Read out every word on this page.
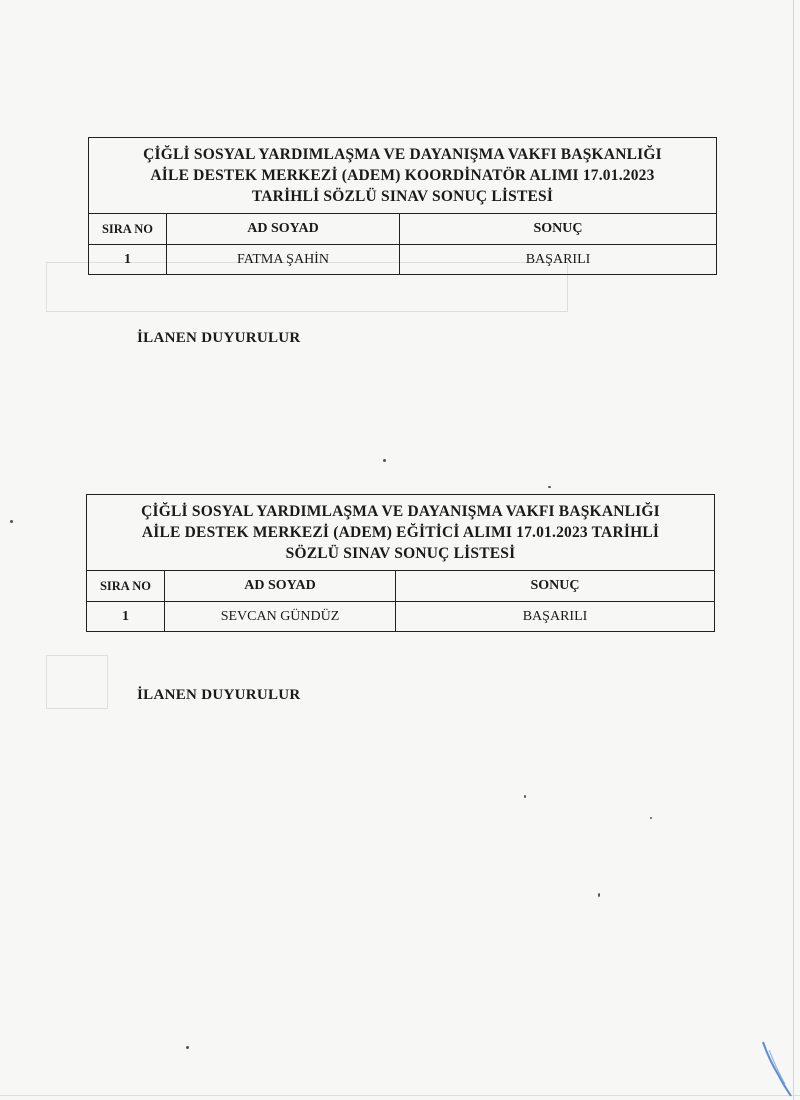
ÇİĞLİ SOSYAL YARDIMLAŞMA VE DAYANIŞMA VAKFI BAŞKANLIĞI
AİLE DESTEK MERKEZİ (ADEM) KOORDİNATÖR ALIMI 17.01.2023
TARİHLİ SÖZLÜ SINAV SONUÇ LİSTESİ		

SIRA NO	AD SOYAD	SONUÇ
1	FATMA ŞAHİN	BAŞARILI
İLANEN DUYURULUR
ÇİĞLİ SOSYAL YARDIMLAŞMA VE DAYANIŞMA VAKFI BAŞKANLIĞI
AİLE DESTEK MERKEZİ (ADEM) EĞİTİCİ ALIMI 17.01.2023 TARİHLİ
SÖZLÜ SINAV SONUÇ LİSTESİ		

SIRA NO	AD SOYAD	SONUÇ
1	SEVCAN GÜNDÜZ	BAŞARILI
İLANEN DUYURULUR
